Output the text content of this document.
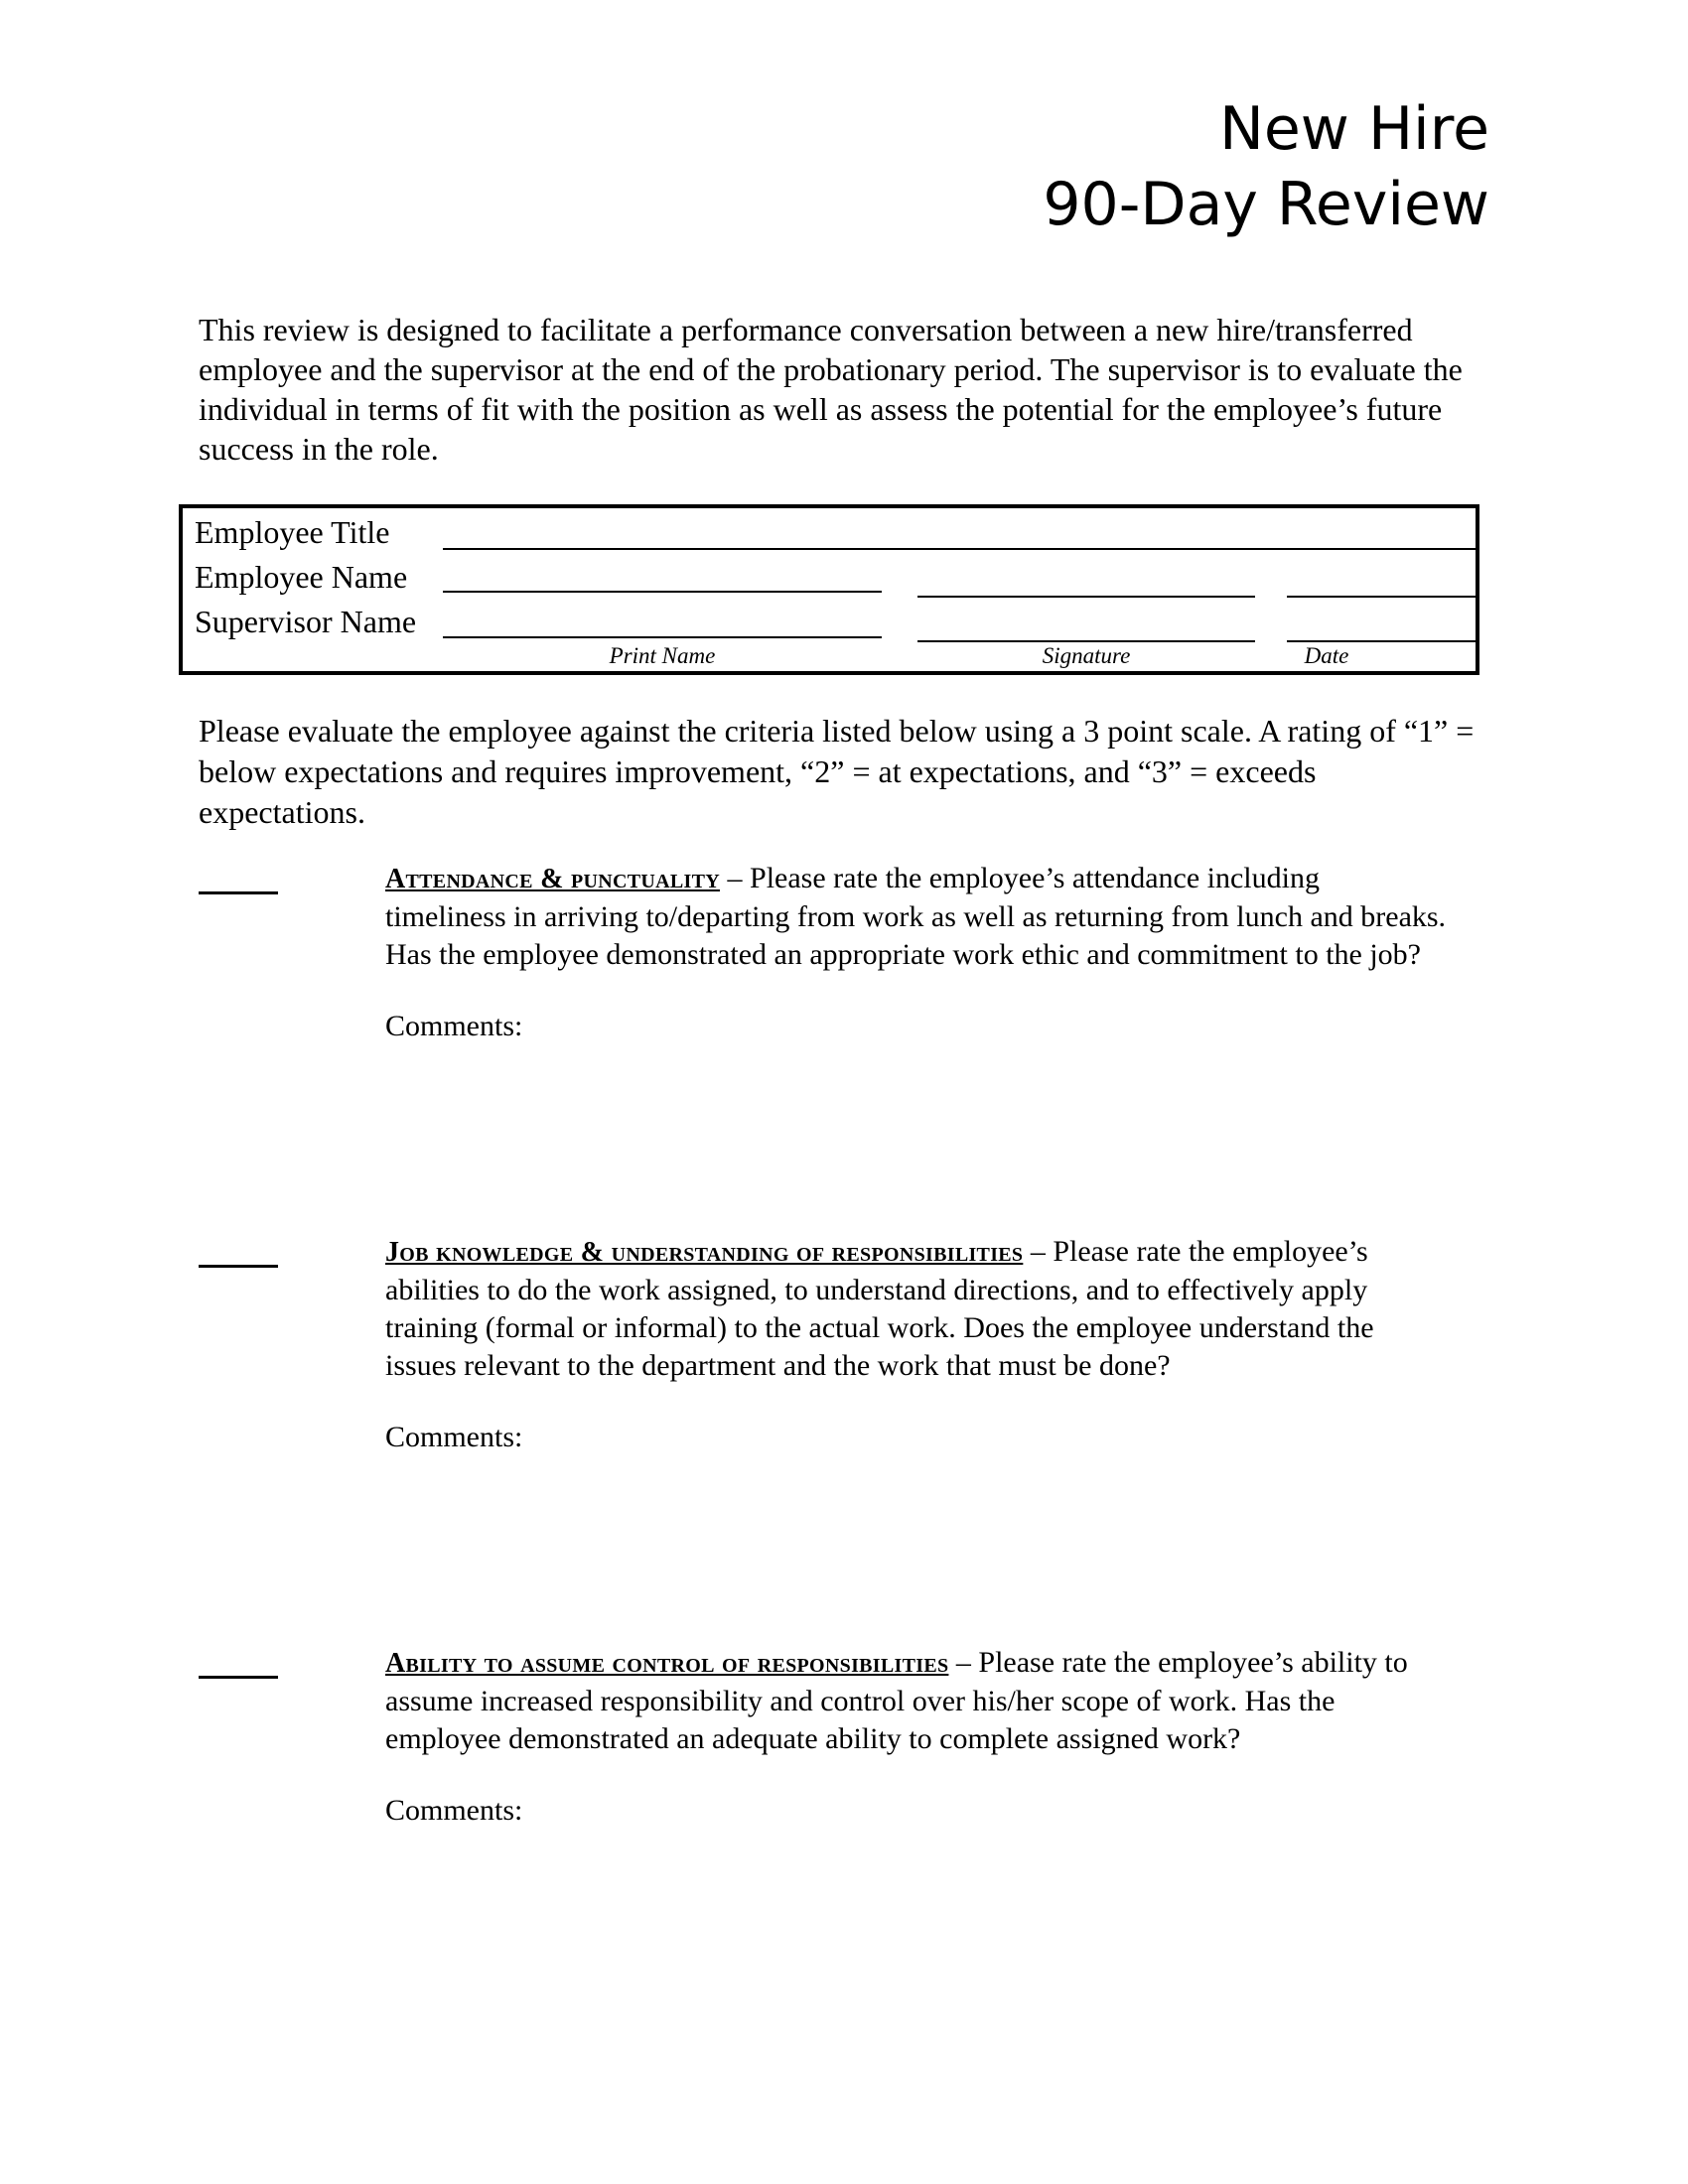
New Hire
90-Day Review

This review is designed to facilitate a performance conversation between a new hire/transferred employee and the supervisor at the end of the probationary period. The supervisor is to evaluate the individual in terms of fit with the position as well as assess the potential for the employee’s future success in the role.

Employee Title
Employee Name
Supervisor Name
Print Name	Signature	Date

Please evaluate the employee against the criteria listed below using a 3 point scale. A rating of “1” = below expectations and requires improvement, “2” = at expectations, and “3” = exceeds expectations.

Attendance & punctuality – Please rate the employee’s attendance including timeliness in arriving to/departing from work as well as returning from lunch and breaks. Has the employee demonstrated an appropriate work ethic and commitment to the job?

Comments:

Job knowledge & understanding of responsibilities – Please rate the employee’s abilities to do the work assigned, to understand directions, and to effectively apply training (formal or informal) to the actual work. Does the employee understand the issues relevant to the department and the work that must be done?

Comments:

Ability to assume control of responsibilities – Please rate the employee’s ability to assume increased responsibility and control over his/her scope of work. Has the employee demonstrated an adequate ability to complete assigned work?

Comments:
